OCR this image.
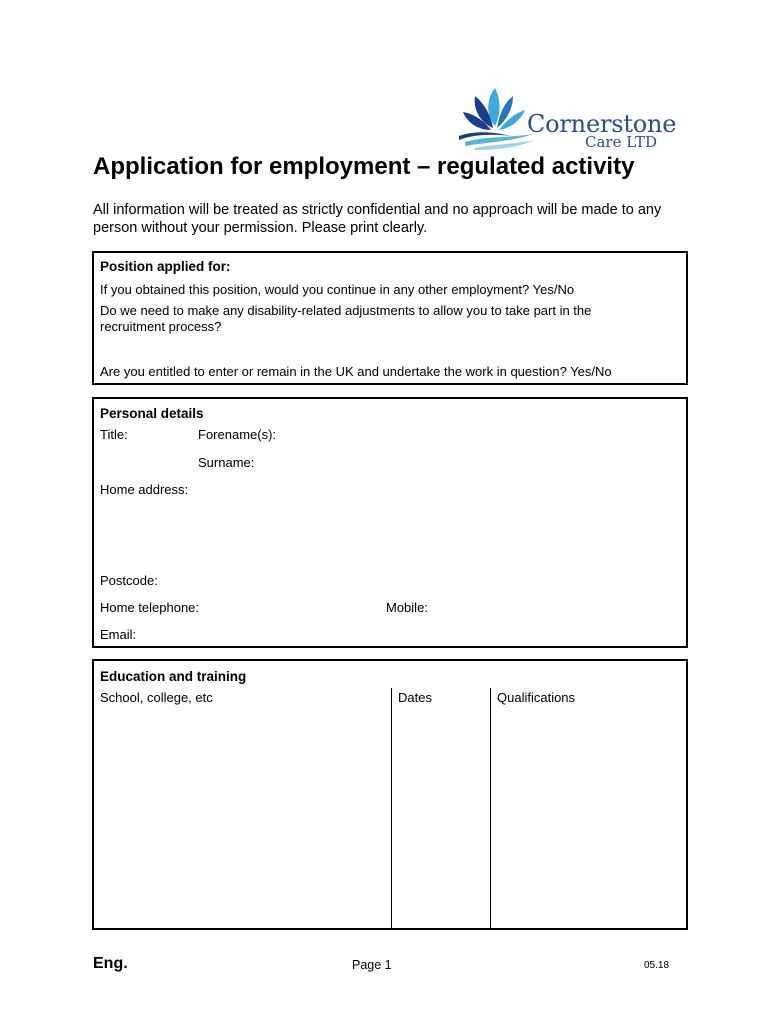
Cornerstone
Care LTD
Application for employment – regulated activity
All information will be treated as strictly confidential and no approach will be made to any person without your permission. Please print clearly.
Position applied for:
If you obtained this position, would you continue in any other employment? Yes/No
Do we need to make any disability-related adjustments to allow you to take part in the
recruitment process?
Are you entitled to enter or remain in the UK and undertake the work in question? Yes/No
Personal details
Title:	Forename(s):
Surname:
Home address:
Postcode:
Home telephone:	Mobile:
Email:
Education and training
School, college, etc	Dates	Qualifications
Eng.	Page 1	05.18
